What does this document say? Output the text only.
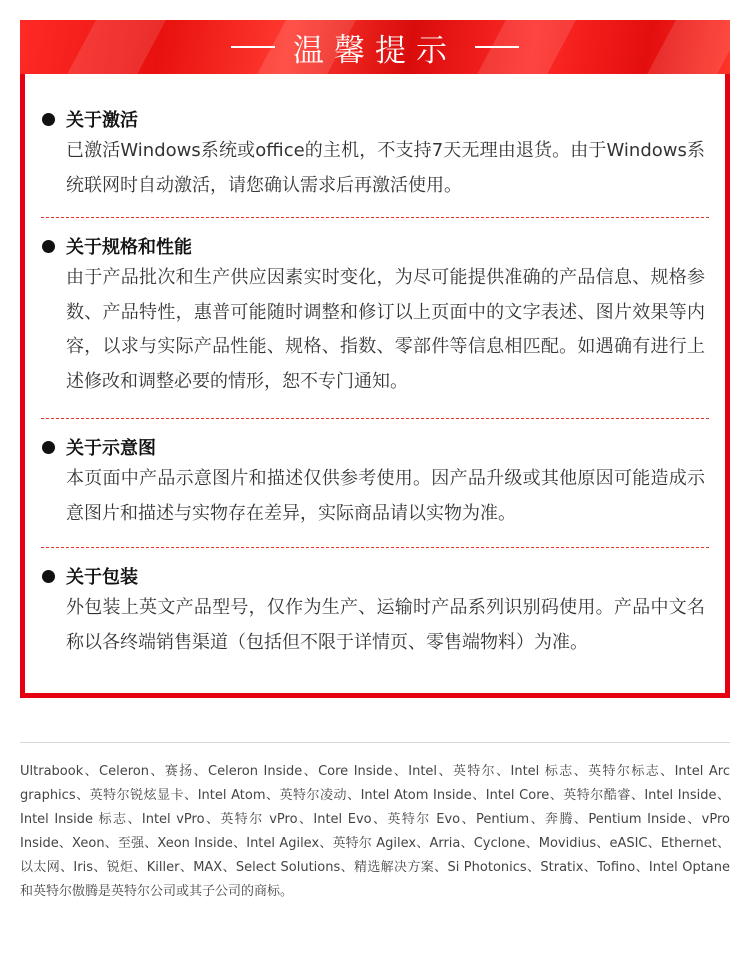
温馨提示
关于激活
已激活Windows系统或office的主机，不支持7天无理由退货。由于Windows系统联网时自动激活，请您确认需求后再激活使用。
关于规格和性能
由于产品批次和生产供应因素实时变化，为尽可能提供准确的产品信息、规格参数、产品特性，惠普可能随时调整和修订以上页面中的文字表述、图片效果等内容，以求与实际产品性能、规格、指数、零部件等信息相匹配。如遇确有进行上述修改和调整必要的情形，恕不专门通知。
关于示意图
本页面中产品示意图片和描述仅供参考使用。因产品升级或其他原因可能造成示意图片和描述与实物存在差异，实际商品请以实物为准。
关于包装
外包装上英文产品型号，仅作为生产、运输时产品系列识别码使用。产品中文名称以各终端销售渠道（包括但不限于详情页、零售端物料）为准。
Ultrabook、Celeron、赛扬、Celeron Inside、Core Inside、Intel、英特尔、Intel 标志、英特尔标志、Intel Arc graphics、英特尔锐炫显卡、Intel Atom、英特尔凌动、Intel Atom Inside、Intel Core、英特尔酷睿、Intel Inside、Intel Inside 标志、Intel vPro、英特尔 vPro、Intel Evo、英特尔 Evo、Pentium、奔腾、Pentium Inside、vPro Inside、Xeon、至强、Xeon Inside、Intel Agilex、英特尔 Agilex、Arria、Cyclone、Movidius、eASIC、Ethernet、以太网、Iris、锐炬、Killer、MAX、Select Solutions、精选解决方案、Si Photonics、Stratix、Tofino、Intel Optane 和英特尔傲腾是英特尔公司或其子公司的商标。
